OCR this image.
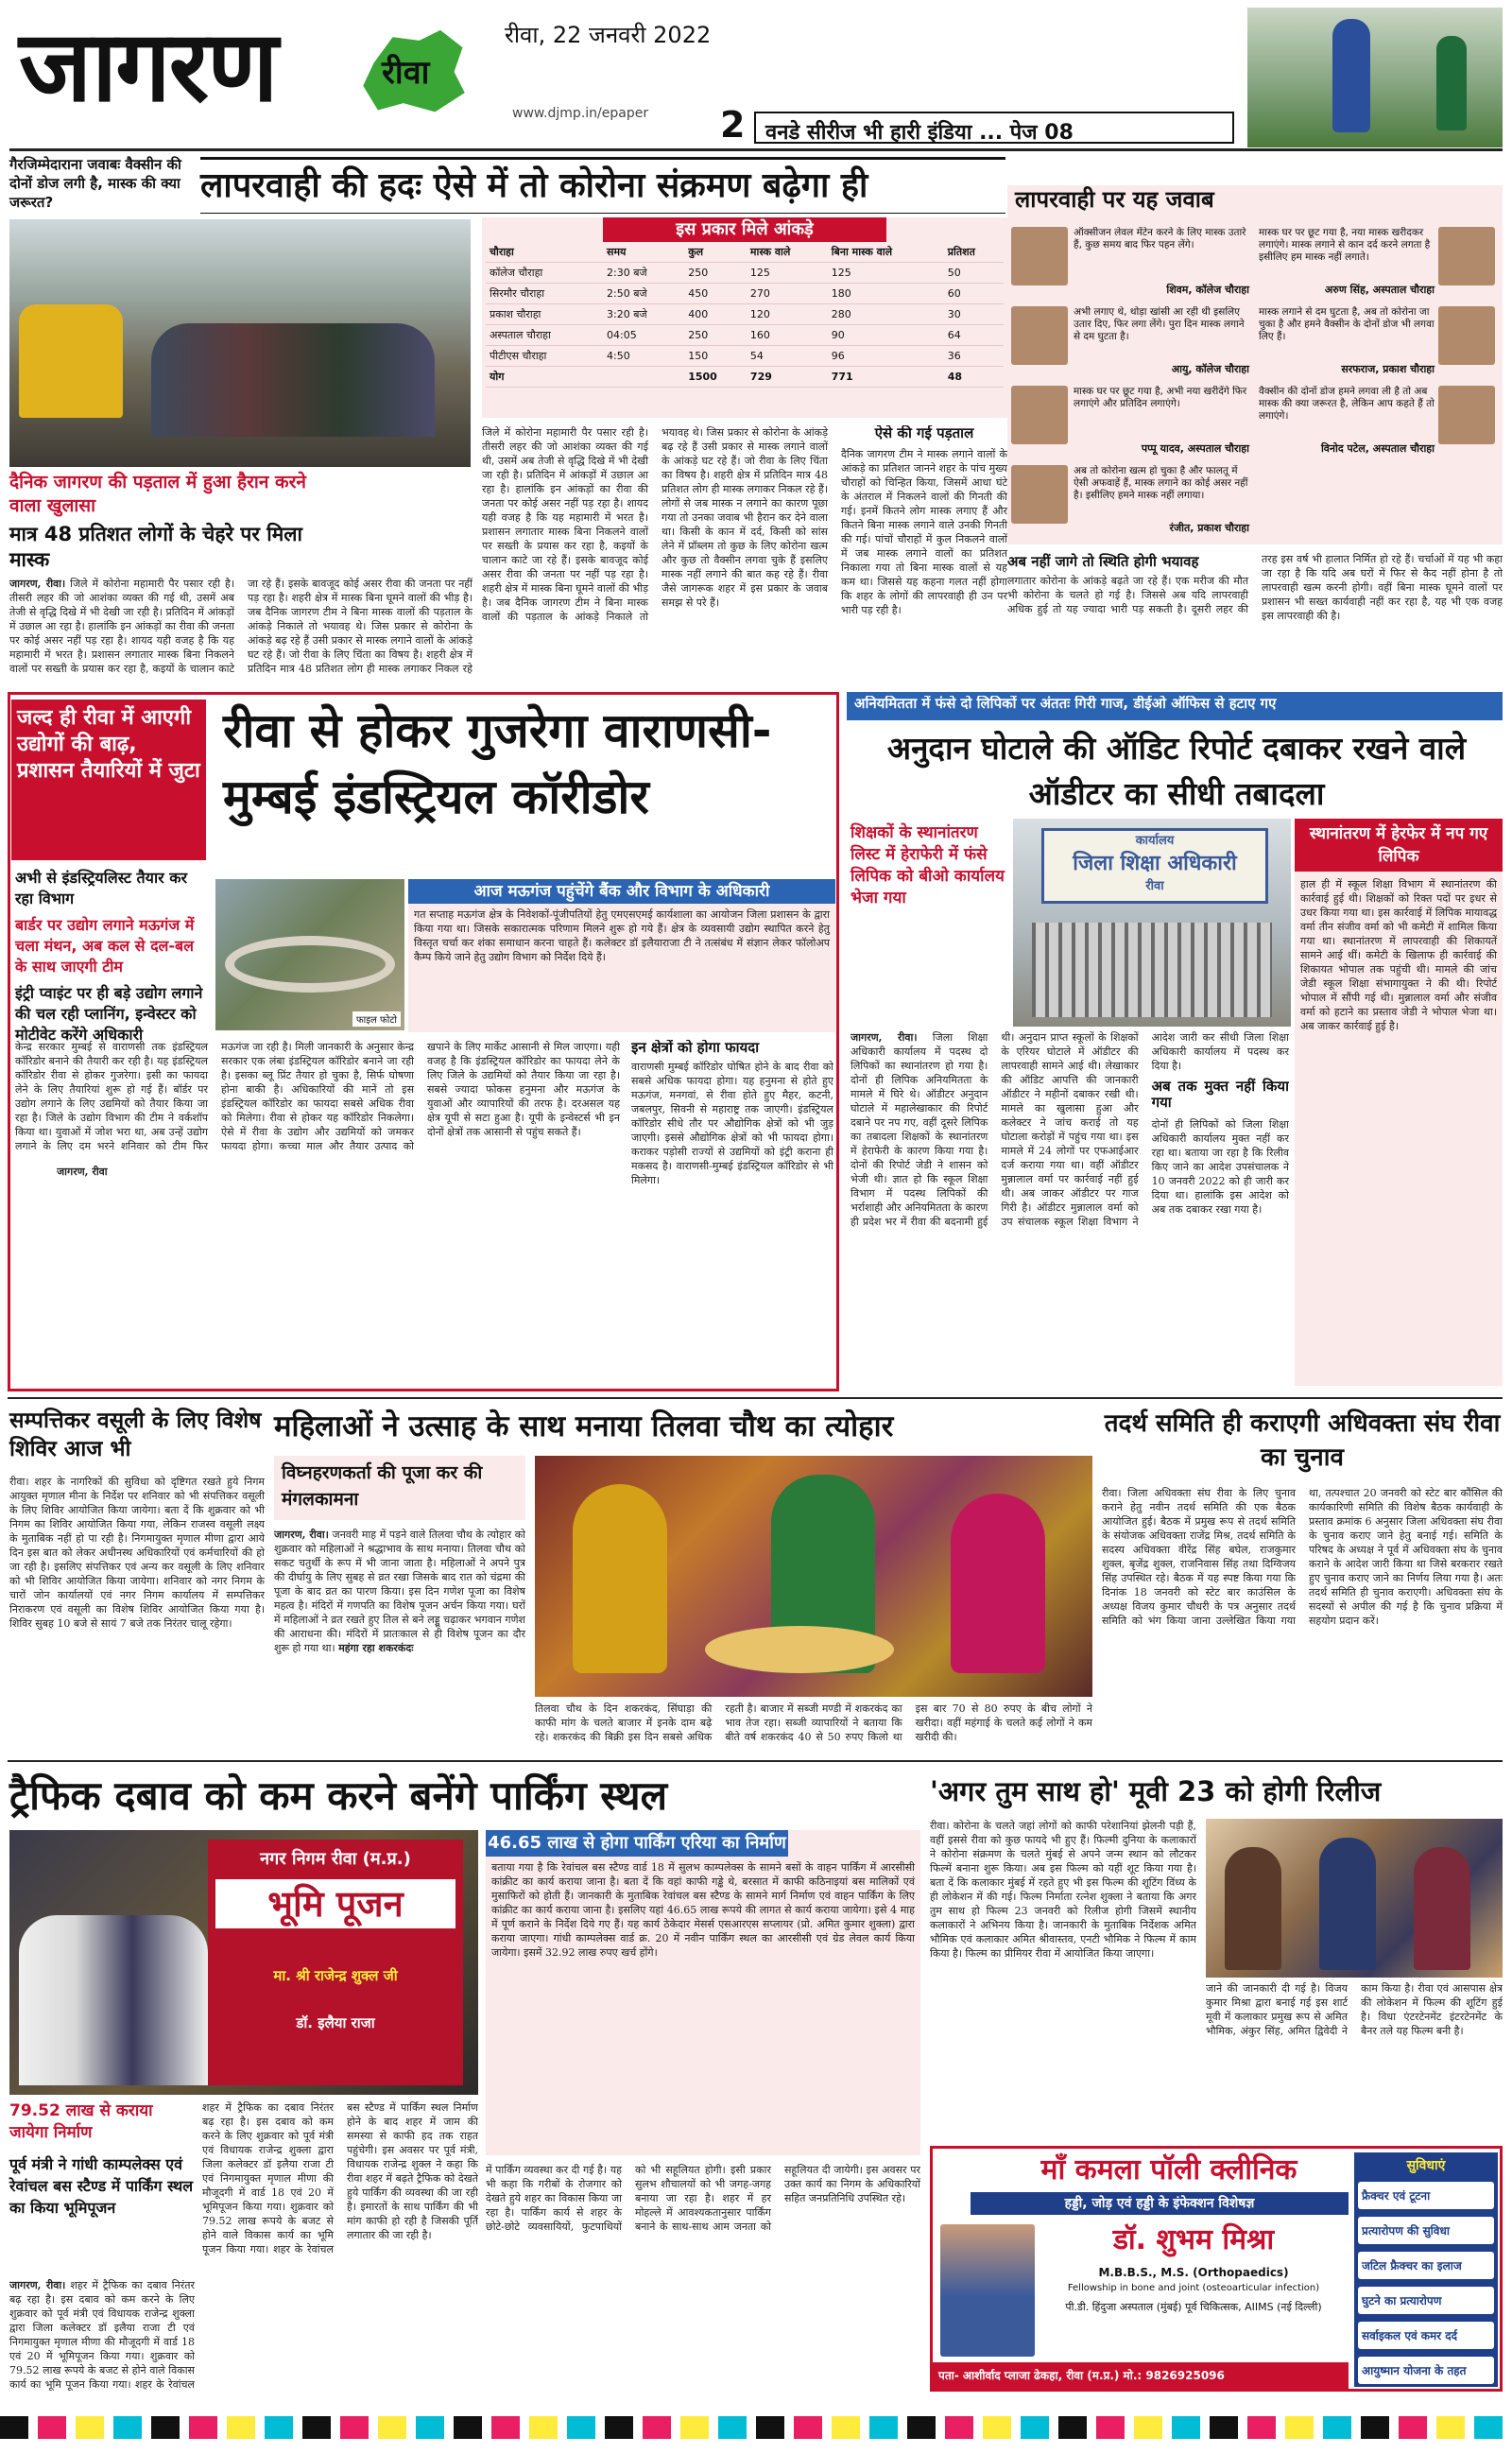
जागरण	रीवा
रीवा, 22 जनवरी 2022
www.djmp.in/epaper 2 वनडे सीरीज भी हारी इंडिया ... पेज 08
गैरजिम्मेदाराना जवाबः वैक्सीन की दोनों डोज लगी है, मास्क की क्या जरूरत?	लापरवाही की हदः ऐसे में तो कोरोना संक्रमण बढ़ेगा ही
दैनिक जागरण की पड़ताल में हुआ हैरान करने वाला खुलासा
मात्र 48 प्रतिशत लोगों के चेहरे पर मिला मास्क
इस प्रकार मिले आंकड़े
चौराहा	समय	कुल	मास्क वाले	बिना मास्क वाले	प्रतिशत
कॉलेज चौराहा	2:30 बजे	250	125	125	50
सिरमौर चौराहा	2:50 बजे	450	270	180	60
प्रकाश चौराहा	3:20 बजे	400	120	280	30
अस्पताल चौराहा	04:05	250	160	90	64
पीटीएस चौराहा	4:50	150	54	96	36
योग		1500	729	771	48
जागरण, रीवा। जिले में कोरोना महामारी पैर पसार रही है। तीसरी लहर की जो आशंका व्यक्त की गई थी, उसमें अब तेजी से वृद्धि दिखे में भी देखी जा रही है। प्रतिदिन में आंकड़ों में उछाल आ रहा है। हालांकि इन आंकड़ों का रीवा की जनता पर कोई असर नहीं पड़ रहा है। शायद यही वजह है कि यह महामारी में भरत है। प्रशासन लगातार मास्क बिना निकलने वालों पर सख्ती के प्रयास कर रहा है, कइयों के चालान काटे जा रहे हैं। इसके बावजूद कोई असर रीवा की जनता पर नहीं पड़ रहा है। शहरी क्षेत्र में मास्क बिना घूमने वालों की भीड़ है। जब दैनिक जागरण टीम ने बिना मास्क वालों की पड़ताल के आंकड़े निकाले तो भयावह थे। जिस प्रकार से कोरोना के आंकड़े बढ़ रहे हैं उसी प्रकार से मास्क लगाने वालों के आंकड़े घट रहे हैं। जो रीवा के लिए चिंता का विषय है। शहरी क्षेत्र में प्रतिदिन मात्र 48 प्रतिशत लोग ही मास्क लगाकर निकल रहे
जिले में कोरोना महामारी पैर पसार रही है। तीसरी लहर की जो आशंका व्यक्त की गई थी, उसमें अब तेजी से वृद्धि दिखे में भी देखी जा रही है। प्रतिदिन में आंकड़ों में उछाल आ रहा है। हालांकि इन आंकड़ों का रीवा की जनता पर कोई असर नहीं पड़ रहा है। शायद यही वजह है कि यह महामारी में भरत है। प्रशासन लगातार मास्क बिना निकलने वालों पर सख्ती के प्रयास कर रहा है, कइयों के चालान काटे जा रहे हैं। इसके बावजूद कोई असर रीवा की जनता पर नहीं पड़ रहा है। शहरी क्षेत्र में मास्क बिना घूमने वालों की भीड़ है। जब दैनिक जागरण टीम ने बिना मास्क वालों की पड़ताल के आंकड़े निकाले तो भयावह थे। जिस प्रकार से कोरोना के आंकड़े बढ़ रहे हैं उसी प्रकार से मास्क लगाने वालों के आंकड़े घट रहे हैं। जो रीवा के लिए चिंता का विषय है। शहरी क्षेत्र में प्रतिदिन मात्र 48 प्रतिशत लोग ही मास्क लगाकर निकल रहे हैं। लोगों से जब मास्क न लगाने का कारण पूछा गया तो उनका जवाब भी हैरान कर देने वाला था। किसी के कान में दर्द, किसी को सांस लेने में प्रॉब्लम तो कुछ के लिए कोरोना खत्म और कुछ तो वैक्सीन लगवा चुके हैं इसलिए मास्क नहीं लगाने की बात कह रहे हैं। रीवा जैसे जागरूक शहर में इस प्रकार के जवाब समझ से परे हैं।
ऐसे की गई पड़ताल
दैनिक जागरण टीम ने मास्क लगाने वालों के आंकड़े का प्रतिशत जानने शहर के पांच मुख्य चौराहों को चिन्हित किया, जिसमें आधा घंटे के अंतराल में निकलने वालों की गिनती की गई। इनमें कितने लोग मास्क लगाए हैं और कितने बिना मास्क लगाने वाले उनकी गिनती की गई। पांचों चौराहों में कुल निकलने वालों में जब मास्क लगाने वालों का प्रतिशत निकाला गया तो बिना मास्क वालों से यह कम था। जिससे यह कहना गलत नहीं होगा कि शहर के लोगों की लापरवाही ही उन पर भारी पड़ रही है।
लापरवाही पर यह जवाब
ऑक्सीजन लेवल मेंटेन करने के लिए मास्क उतारे हैं, कुछ समय बाद फिर पहन लेंगे।
शिवम, कॉलेज चौराहा
मास्क घर पर छूट गया है, नया मास्क खरीदकर लगाएंगे। मास्क लगाने से कान दर्द करने लगता है इसीलिए हम मास्क नहीं लगाते।
अरुण सिंह, अस्पताल चौराहा
अभी लगाए थे, थोड़ा खांसी आ रही थी इसलिए उतार दिए, फिर लगा लेंगे। पुरा दिन मास्क लगाने से दम घुटता है।
आयु, कॉलेज चौराहा
मास्क लगाने से दम घुटता है, अब तो कोरोना जा चुका है और हमने वैक्सीन के दोनों डोज भी लगवा लिए हैं।
सरफराज, प्रकाश चौराहा
मास्क घर पर छूट गया है, अभी नया खरीदेंगे फिर लगाएंगे और प्रतिदिन लगाएंगे।
पप्पू यादव, अस्पताल चौराहा
वैक्सीन की दोनों डोज हमने लगवा ली है तो अब मास्क की क्या जरूरत है, लेकिन आप कहते हैं तो लगाएंगे।
विनोद पटेल, अस्पताल चौराहा
अब तो कोरोना खत्म हो चुका है और फालतू में ऐसी अफवाहें हैं, मास्क लगाने का कोई असर नहीं है। इसीलिए हमने मास्क नहीं लगाया।
रंजीत, प्रकाश चौराहा
अब नहीं जागे तो स्थिति होगी भयावह
लगातार कोरोना के आंकड़े बढ़ते जा रहे हैं। एक मरीज की मौत भी कोरोना के चलते हो गई है। जिससे अब यदि लापरवाही अधिक हुई तो यह ज्यादा भारी पड़ सकती है। दूसरी लहर की तरह इस वर्ष भी हालात निर्मित हो रहे हैं। चर्चाओं में यह भी कहा जा रहा है कि यदि अब घरों में फिर से कैद नहीं होना है तो लापरवाही खत्म करनी होगी। वहीं बिना मास्क घूमने वालों पर प्रशासन भी सख्त कार्यवाही नहीं कर रहा है, यह भी एक वजह इस लापरवाही की है।
जल्द ही रीवा में आएगी उद्योगों की बाढ़, प्रशासन तैयारियों में जुटा
रीवा से होकर गुजरेगा वाराणसी-मुम्बई इंडस्ट्रियल कॉरीडोर
अभी से इंडस्ट्रियलिस्ट तैयार कर रहा विभाग
बार्डर पर उद्योग लगाने मऊगंज में चला मंथन, अब कल से दल-बल के साथ जाएगी टीम
इंट्री प्वाइंट पर ही बड़े उद्योग लगाने की चल रही प्लानिंग, इन्वेस्टर को मोटीवेट करेंगे अधिकारी
फाइल फोटो
आज मऊगंज पहुंचेंगे बैंक और विभाग के अधिकारी
गत सप्ताह मऊगंज क्षेत्र के निवेशकों-पूंजीपतियों हेतु एमएसएमई कार्यशाला का आयोजन जिला प्रशासन के द्वारा किया गया था। जिसके सकारात्मक परिणाम मिलने शुरू हो गये हैं। क्षेत्र के व्यवसायी उद्योग स्थापित करने हेतु विस्तृत चर्चा कर शंका समाधान करना चाहते हैं। कलेक्टर डॉ इलैयाराजा टी ने तत्संबंध में संज्ञान लेकर फॉलोअप कैम्प किये जाने हेतु उद्योग विभाग को निर्देश दिये हैं।
जागरण, रीवा
केन्द्र सरकार मुम्बई से वाराणसी तक इंडस्ट्रियल कॉरिडोर बनाने की तैयारी कर रही है। यह इंडस्ट्रियल कॉरिडोर रीवा से होकर गुजरेगा। इसी का फायदा लेने के लिए तैयारियां शुरू हो गई हैं। बॉर्डर पर उद्योग लगाने के लिए उद्यमियों को तैयार किया जा रहा है। जिले के उद्योग विभाग की टीम ने वर्कशॉप किया था। युवाओं में जोश भरा था, अब उन्हें उद्योग लगाने के लिए दम भरने शनिवार को टीम फिर मऊगंज जा रही है। मिली जानकारी के अनुसार केन्द्र सरकार एक लंबा इंडस्ट्रियल कॉरिडोर बनाने जा रही है। इसका ब्लू प्रिंट तैयार हो चुका है, सिर्फ घोषणा होना बाकी है। अधिकारियों की मानें तो इस इंडस्ट्रियल कॉरिडोर का फायदा सबसे अधिक रीवा को मिलेगा। रीवा से होकर यह कॉरिडोर निकलेगा। ऐसे में रीवा के उद्योग और उद्यमियों को जमकर फायदा होगा। कच्चा माल और तैयार उत्पाद को खपाने के लिए मार्केट आसानी से मिल जाएगा। यही वजह है कि इंडस्ट्रियल कॉरिडोर का फायदा लेने के लिए जिले के उद्यमियों को तैयार किया जा रहा है। सबसे ज्यादा फोकस हनुमना और मऊगंज के युवाओं और व्यापारियों की तरफ है। दरअसल यह क्षेत्र यूपी से सटा हुआ है। यूपी के इन्वेस्टर्स भी इन दोनों क्षेत्रों तक आसानी से पहुंच सकते हैं।
इन क्षेत्रों को होगा फायदा
वाराणसी मुम्बई कॉरिडोर घोषित होने के बाद रीवा को सबसे अधिक फायदा होगा। यह हनुमना से होते हुए मऊगंज, मनगवां, से रीवा होते हुए मैहर, कटनी, जबलपुर, सिवनी से महाराष्ट्र तक जाएगी। इंडस्ट्रियल कॉरिडोर सीधे तौर पर औद्योगिक क्षेत्रों को भी जुड़ जाएगी। इससे औद्योगिक क्षेत्रों को भी फायदा होगा। कराकर पड़ोसी राज्यों से उद्यमियों को इंट्री कराना ही मकसद है। वाराणसी-मुम्बई इंडस्ट्रियल कॉरिडोर से भी मिलेगा।
अनियमितता में फंसे दो लिपिकों पर अंततः गिरी गाज, डीईओ ऑफिस से हटाए गए
अनुदान घोटाले की ऑडिट रिपोर्ट दबाकर रखने वाले ऑडीटर का सीधी तबादला
शिक्षकों के स्थानांतरण लिस्ट में हेराफेरी में फंसे लिपिक को बीओ कार्यालय भेजा गया
कार्यालय
जिला शिक्षा अधिकारी
रीवा
स्थानांतरण में हेरफेर में नप गए लिपिक
हाल ही में स्कूल शिक्षा विभाग में स्थानांतरण की कार्रवाई हुई थी। शिक्षकों को रिक्त पदों पर इधर से उधर किया गया था। इस कार्रवाई में लिपिक मायावद्ध वर्मा तीन संजीव वर्मा को भी कमेटी में शामिल किया गया था। स्थानांतरण में लापरवाही की शिकायतें सामने आई थीं। कमेटी के खिलाफ ही कार्रवाई की शिकायत भोपाल तक पहुंची थी। मामले की जांच जेडी स्कूल शिक्षा संभागायुक्त ने की थी। रिपोर्ट भोपाल में सौंपी गई थी। मुन्नालाल वर्मा और संजीव वर्मा को हटाने का प्रस्ताव जेडी ने भोपाल भेजा था। अब जाकर कार्रवाई हुई है।
जागरण, रीवा। जिला शिक्षा अधिकारी कार्यालय में पदस्थ दो लिपिकों का स्थानांतरण हो गया है। दोनों ही लिपिक अनियमितता के मामले में घिरे थे। ऑडीटर अनुदान घोटाले में महालेखाकार की रिपोर्ट दबाने पर नप गए, वहीं दूसरे लिपिक का तबादला शिक्षकों के स्थानांतरण में हेराफेरी के कारण किया गया है। दोनों की रिपोर्ट जेडी ने शासन को भेजी थी। ज्ञात हो कि स्कूल शिक्षा विभाग में पदस्थ लिपिकों की भर्राशाही और अनियमितता के कारण ही प्रदेश भर में रीवा की बदनामी हुई थी। अनुदान प्राप्त स्कूलों के शिक्षकों के एरियर घोटाले में ऑडीटर की लापरवाही सामने आई थी। लेखाकार की ऑडिट आपत्ति की जानकारी ऑडीटर ने महीनों दबाकर रखी थी। मामले का खुलासा हुआ और कलेक्टर ने जांच कराई तो यह घोटाला करोड़ों में पहुंच गया था। इस मामले में 24 लोगों पर एफआईआर दर्ज कराया गया था। वहीं ऑडीटर मुन्नालाल वर्मा पर कार्रवाई नहीं हुई थी। अब जाकर ऑडीटर पर गाज गिरी है। ऑडीटर मुन्नालाल वर्मा को उप संचालक स्कूल शिक्षा विभाग ने आदेश जारी कर सीधी जिला शिक्षा अधिकारी कार्यालय में पदस्थ कर दिया है।
अब तक मुक्त नहीं किया गया
दोनों ही लिपिकों को जिला शिक्षा अधिकारी कार्यालय मुक्त नहीं कर रहा था। बताया जा रहा है कि रिलीव किए जाने का आदेश उपसंचालक ने 10 जनवरी 2022 को ही जारी कर दिया था। हालांकि इस आदेश को अब तक दबाकर रखा गया है।
सम्पत्तिकर वसूली के लिए विशेष शिविर आज भी
रीवा। शहर के नागरिकों की सुविधा को दृष्टिगत रखते हुये निगम आयुक्त मृणाल मीना के निर्देश पर शनिवार को भी संपत्तिकर वसूली के लिए शिविर आयोजित किया जायेगा। बता दें कि शुक्रवार को भी निगम का शिविर आयोजित किया गया, लेकिन राजस्व वसूली लक्ष्य के मुताबिक नहीं हो पा रही है। निगमायुक्त मृणाल मीणा द्वारा आये दिन इस बात को लेकर अधीनस्थ अधिकारियों एवं कर्मचारियों की हो जा रही है। इसलिए संपत्तिकर एवं अन्य कर वसूली के लिए शनिवार को भी शिविर आयोजित किया जायेगा। शनिवार को नगर निगम के चारों जोन कार्यालयों एवं नगर निगम कार्यालय में सम्पत्तिकर निराकरण एवं वसूली का विशेष शिविर आयोजित किया गया है। शिविर सुबह 10 बजे से सायं 7 बजे तक निरंतर चालू रहेगा।
महिलाओं ने उत्साह के साथ मनाया तिलवा चौथ का त्योहार
विघ्नहरणकर्ता की पूजा कर की मंगलकामना
जागरण, रीवा। जनवरी माह में पड़ने वाले तिलवा चौथ के त्योहार को शुक्रवार को महिलाओं ने श्रद्धाभाव के साथ मनाया। तिलवा चौथ को सकट चतुर्थी के रूप में भी जाना जाता है। महिलाओं ने अपने पुत्र की दीर्घायु के लिए सुबह से व्रत रखा जिसके बाद रात को चंद्रमा की पूजा के बाद व्रत का पारण किया। इस दिन गणेश पूजा का विशेष महत्व है। मंदिरों में गणपति का विशेष पूजन अर्चन किया गया। घरों में महिलाओं ने व्रत रखते हुए तिल से बने लड्डू चढ़ाकर भगवान गणेश की आराधना की। मंदिरों में प्रातःकाल से ही विशेष पूजन का दौर शुरू हो गया था। महंगा रहा शकरकंदः
तिलवा चौथ के दिन शकरकंद, सिंघाड़ा की काफी मांग के चलते बाजार में इनके दाम बढ़े रहे। शकरकंद की बिक्री इस दिन सबसे अधिक रहती है। बाजार में सब्जी मण्डी में शकरकंद का भाव तेज रहा। सब्जी व्यापारियों ने बताया कि बीते वर्ष शकरकंद 40 से 50 रुपए किलो था इस बार 70 से 80 रुपए के बीच लोगों ने खरीदा। वहीं महंगाई के चलते कई लोगों ने कम खरीदी की।
तदर्थ समिति ही कराएगी अधिवक्ता संघ रीवा का चुनाव
रीवा। जिला अधिवक्ता संघ रीवा के लिए चुनाव कराने हेतु नवीन तदर्थ समिति की एक बैठक आयोजित हुई। बैठक में प्रमुख रूप से तदर्थ समिति के संयोजक अधिवक्ता राजेंद्र मिश्र, तदर्थ समिति के सदस्य अधिवक्ता वीरेंद्र सिंह बघेल, राजकुमार शुक्ल, बृजेंद्र शुक्ल, राजनिवास सिंह तथा दिग्विजय सिंह उपस्थित रहे। बैठक में यह स्पष्ट किया गया कि दिनांक 18 जनवरी को स्टेट बार काउंसिल के अध्यक्ष विजय कुमार चौधरी के पत्र अनुसार तदर्थ समिति को भंग किया जाना उल्लेखित किया गया था, तत्पश्चात 20 जनवरी को स्टेट बार कौंसिल की कार्यकारिणी समिति की विशेष बैठक कार्यवाही के प्रस्ताव क्रमांक 6 अनुसार जिला अधिवक्ता संघ रीवा के चुनाव कराए जाने हेतु बनाई गई। समिति के परिषद के अध्यक्ष ने पूर्व में अधिवक्ता संघ के चुनाव कराने के आदेश जारी किया था जिसे बरकरार रखते हुए चुनाव कराए जाने का निर्णय लिया गया है। अतः तदर्थ समिति ही चुनाव कराएगी। अधिवक्ता संघ के सदस्यों से अपील की गई है कि चुनाव प्रक्रिया में सहयोग प्रदान करें।
ट्रैफिक दबाव को कम करने बनेंगे पार्किंग स्थल
नगर निगम रीवा (म.प्र.)
भूमि पूजन
मा. श्री राजेन्द्र शुक्ल जी
डॉ. इलैया राजा
79.52 लाख से कराया जायेगा निर्माण
पूर्व मंत्री ने गांधी काम्पलेक्स एवं रेवांचल बस स्टैण्ड में पार्किंग स्थल का किया भूमिपूजन
जागरण, रीवा। शहर में ट्रैफिक का दबाव निरंतर बढ़ रहा है। इस दबाव को कम करने के लिए शुक्रवार को पूर्व मंत्री एवं विधायक राजेन्द्र शुक्ला द्वारा जिला कलेक्टर डॉ इलैया राजा टी एवं निगमायुक्त मृणाल मीणा की मौजूदगी में वार्ड 18 एवं 20 में भूमिपूजन किया गया। शुक्रवार को 79.52 लाख रूपये के बजट से होने वाले विकास कार्य का भूमि पूजन किया गया। शहर के रेवांचल
शहर में ट्रैफिक का दबाव निरंतर बढ़ रहा है। इस दबाव को कम करने के लिए शुक्रवार को पूर्व मंत्री एवं विधायक राजेन्द्र शुक्ला द्वारा जिला कलेक्टर डॉ इलैया राजा टी एवं निगमायुक्त मृणाल मीणा की मौजूदगी में वार्ड 18 एवं 20 में भूमिपूजन किया गया। शुक्रवार को 79.52 लाख रूपये के बजट से होने वाले विकास कार्य का भूमि पूजन किया गया। शहर के रेवांचल बस स्टैण्ड में पार्किंग स्थल निर्माण होने के बाद शहर में जाम की समस्या से काफी हद तक राहत पहुंचेगी। इस अवसर पर पूर्व मंत्री, विधायक राजेन्द्र शुक्ल ने कहा कि रीवा शहर में बढ़ते ट्रैफिक को देखते हुये पार्किंग की व्यवस्था की जा रही है। इमारतों के साथ पार्किंग की भी मांग काफी हो रही है जिसकी पूर्ति लगातार की जा रही है।
46.65 लाख से होगा पार्किंग एरिया का निर्माण
बताया गया है कि रेवांचल बस स्टैण्ड वार्ड 18 में सुलभ काम्पलेक्स के सामने बसों के वाहन पार्किंग में आरसीसी कांक्रीट का कार्य कराया जाना है। बता दें कि वहां काफी गड्ढे थे, बरसात में काफी कठिनाइयां बस मालिकों एवं मुसाफिरों को होती हैं। जानकारी के मुताबिक रेवांचल बस स्टैण्ड के सामने मार्ग निर्माण एवं वाहन पार्किंग के लिए कांक्रीट का कार्य कराया जाना है। इसलिए यहां 46.65 लाख रूपये की लागत से कार्य कराया जायेगा। इसे 4 माह में पूर्ण कराने के निर्देश दिये गए हैं। यह कार्य ठेकेदार मेसर्स एसआरएस सप्लायर (प्रो. अमित कुमार शुक्ला) द्वारा कराया जाएगा। गांधी काम्पलेक्स वार्ड क्र. 20 में नवीन पार्किंग स्थल का आरसीसी एवं ग्रेड लेवल कार्य किया जायेगा। इसमें 32.92 लाख रुपए खर्च होंगे।
में पार्किंग व्यवस्था कर दी गई है। यह भी कहा कि गरीबों के रोजगार को देखते हुये शहर का विकास किया जा रहा है। पार्किंग कार्य से शहर के छोटे-छोटे व्यवसायियों, फुटपाथियों को भी सहूलियत होगी। इसी प्रकार सुलभ शौचालयों को भी जगह-जगह बनाया जा रहा है। शहर में हर मोहल्ले में आवश्यकतानुसार पार्किंग बनाने के साथ-साथ आम जनता को सहूलियत दी जायेगी। इस अवसर पर उक्त कार्य का निगम के अधिकारियों सहित जनप्रतिनिधि उपस्थित रहे।
'अगर तुम साथ हो' मूवी 23 को होगी रिलीज
रीवा। कोरोना के चलते जहां लोगों को काफी परेशानियां झेलनी पड़ी हैं, वहीं इससे रीवा को कुछ फायदे भी हुए हैं। फिल्मी दुनिया के कलाकारों ने कोरोना संक्रमण के चलते मुंबई से अपने जन्म स्थान को लौटकर फिल्में बनाना शुरू किया। अब इस फिल्म को यहीं शूट किया गया है। बता दें कि कलाकार मुंबई में रहते हुए भी इस फिल्म की शूटिंग विंध्य के ही लोकेशन में की गई। फिल्म निर्माता रत्नेश शुक्ला ने बताया कि अगर तुम साथ हो फिल्म 23 जनवरी को रिलीज होगी जिसमें स्थानीय कलाकारों ने अभिनय किया है। जानकारी के मुताबिक निर्देशक अमित भौमिक एवं कलाकार अमित श्रीवास्तव, एनटी भौमिक ने फिल्म में काम किया है। फिल्म का प्रीमियर रीवा में आयोजित किया जाएगा।
जाने की जानकारी दी गई है। विजय कुमार मिश्रा द्वारा बनाई गई इस शार्ट मूवी में कलाकार प्रमुख रूप से अमित भौमिक, अंकुर सिंह, अमित द्विवेदी ने काम किया है। रीवा एवं आसपास क्षेत्र की लोकेशन में फिल्म की शूटिंग हुई है। विधा एंटरटेनमेंट इंटरटेनमेंट के बैनर तले यह फिल्म बनी है।
माँ कमला पॉली क्लीनिक
हड्डी, जोड़ एवं हड्डी के इंफेक्शन विशेषज्ञ
डॉ. शुभम मिश्रा
M.B.B.S., M.S. (Orthopaedics)
Fellowship in bone and joint (osteoarticular infection)
पी.डी. हिंदुजा अस्पताल (मुंबई) पूर्व चिकित्सक, AIIMS (नई दिल्ली)
पता- आशीर्वाद प्लाजा ढेकहा, रीवा (म.प्र.) मो.: 9826925096
सुविधाएं
फ्रैक्चर एवं टूटना
प्रत्यारोपण की सुविधा
जटिल फ्रैक्चर का इलाज
घुटने का प्रत्यारोपण
सर्वाइकल एवं कमर दर्द
आयुष्मान योजना के तहत
